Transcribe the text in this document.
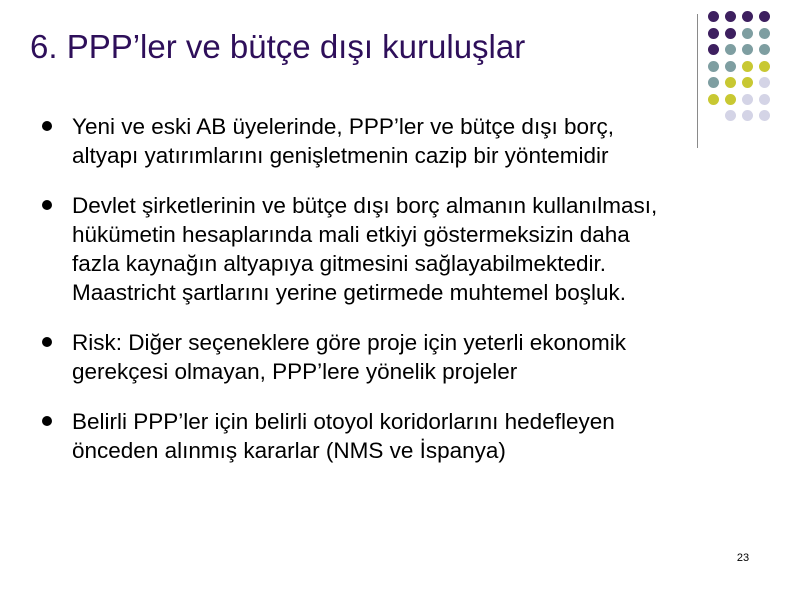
6. PPP’ler ve bütçe dışı kuruluşlar
Yeni ve eski AB üyelerinde, PPP’ler ve bütçe dışı borç, altyapı yatırımlarını genişletmenin cazip bir yöntemidir
Devlet şirketlerinin ve bütçe dışı borç almanın kullanılması, hükümetin hesaplarında mali etkiyi göstermeksizin daha fazla kaynağın altyapıya gitmesini sağlayabilmektedir. Maastricht şartlarını yerine getirmede muhtemel boşluk.
Risk: Diğer seçeneklere göre proje için yeterli ekonomik gerekçesi olmayan, PPP’lere yönelik projeler
Belirli PPP’ler için belirli otoyol koridorlarını hedefleyen önceden alınmış kararlar (NMS ve İspanya)
23
